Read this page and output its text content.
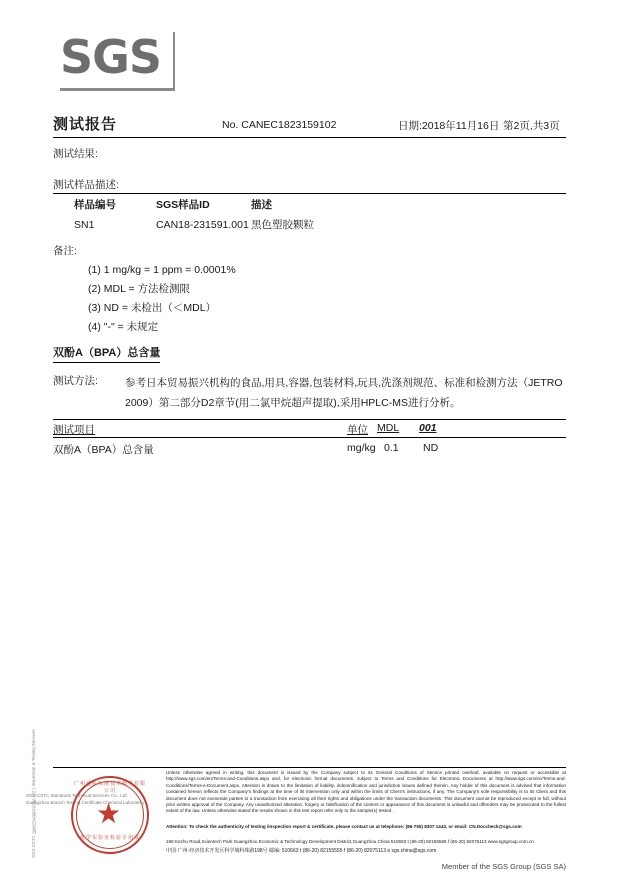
SGS
测试报告	No. CANEC1823159102	日期:2018年11月16日 第2页,共3页
测试结果:
测试样品描述:
样品编号	SGS样品ID	描述
SN1	CAN18-231591.001	黑色塑胶颗粒
备注:
(1) 1 mg/kg = 1 ppm = 0.0001%
(2) MDL = 方法检测限
(3) ND = 未检出（＜MDL）
(4) "-" = 未规定
双酚A（BPA）总含量
测试方法:	参考日本贸易振兴机构的食品,用具,容器,包装材料,玩具,洗涤剂规范、标准和检测方法（JETRO 2009）第二部分D2章节(用二氯甲烷超声提取),采用HPLC-MS进行分析。
测试项目	单位 MDL 001
双酚A（BPA）总含量	mg/kg 0.1 ND
SGS-CSTC 标准技术服务有限公司 | Inspection & Testing Services	广州通标标准技术服务有限公司
★
化学实验室检验专用章
SGS-CSTC Standards Technical Services Co., Ltd.
Guangzhou Branch Testing Certificate Chemical Laboratory
Unless otherwise agreed in writing, this document is issued by the Company subject to its General Conditions of Service printed overleaf, available on request or accessible at http://www.sgs.com/en/Terms-and-Conditions.aspx and, for electronic format documents, subject to Terms and Conditions for Electronic Documents at http://www.sgs.com/en/Terms-and-Conditions/Terms-e-Document.aspx. Attention is drawn to the limitation of liability, indemnification and jurisdiction issues defined therein. Any holder of this document is advised that information contained hereon reflects the Company's findings at the time of its intervention only and within the limits of Client's instructions, if any. The Company's sole responsibility is to its Client and this document does not exonerate parties to a transaction from exercising all their rights and obligations under the transaction documents. This document cannot be reproduced except in full, without prior written approval of the Company. Any unauthorized alteration, forgery or falsification of the content or appearance of this document is unlawful and offenders may be prosecuted to the fullest extent of the law. Unless otherwise stated the results shown in this test report refer only to the sample(s) tested .
Attention: To check the authenticity of testing /inspection report & certificate, please contact us at telephone: (86-755) 8307 1443, or email: CN.Doccheck@sgs.com
198 Kezhu Road,Scientech Park Guangzhou Economic & Technology Development District,Guangzhou,China 510663 t (86-20) 82155555 f (86-20) 82075113 www.sgsgroup.com.cn
中国·广州·经济技术开发区科学城科珠路198号 邮编: 510663 t (86-20) 82155555 f (86-20) 82075113 e sgs.china@sgs.com
Member of the SGS Group (SGS SA)
